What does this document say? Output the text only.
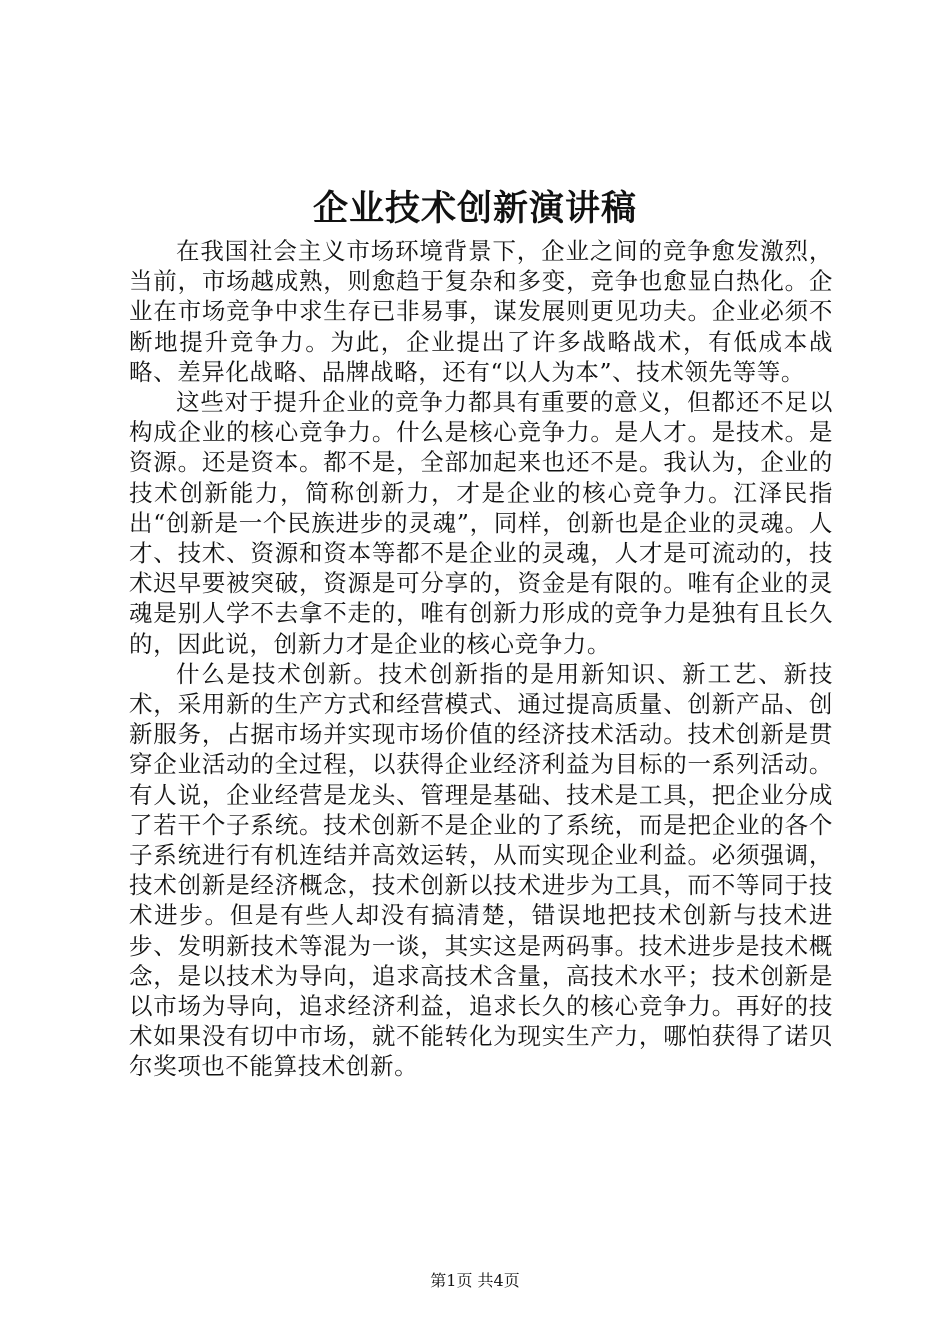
企业技术创新演讲稿

在我国社会主义市场环境背景下，企业之间的竞争愈发激烈，当前，市场越成熟，则愈趋于复杂和多变，竞争也愈显白热化。企业在市场竞争中求生存已非易事，谋发展则更见功夫。企业必须不断地提升竞争力。为此，企业提出了许多战略战术，有低成本战略、差异化战略、品牌战略，还有“以人为本”、技术领先等等。

这些对于提升企业的竞争力都具有重要的意义，但都还不足以构成企业的核心竞争力。什么是核心竞争力。是人才。是技术。是资源。还是资本。都不是，全部加起来也还不是。我认为，企业的技术创新能力，简称创新力，才是企业的核心竞争力。江泽民指出“创新是一个民族进步的灵魂”，同样，创新也是企业的灵魂。人才、技术、资源和资本等都不是企业的灵魂，人才是可流动的，技术迟早要被突破，资源是可分享的，资金是有限的。唯有企业的灵魂是别人学不去拿不走的，唯有创新力形成的竞争力是独有且长久的，因此说，创新力才是企业的核心竞争力。

什么是技术创新。技术创新指的是用新知识、新工艺、新技术，采用新的生产方式和经营模式、通过提高质量、创新产品、创新服务，占据市场并实现市场价值的经济技术活动。技术创新是贯穿企业活动的全过程，以获得企业经济利益为目标的一系列活动。有人说，企业经营是龙头、管理是基础、技术是工具，把企业分成了若干个子系统。技术创新不是企业的了系统，而是把企业的各个子系统进行有机连结并高效运转，从而实现企业利益。必须强调，技术创新是经济概念，技术创新以技术进步为工具，而不等同于技术进步。但是有些人却没有搞清楚，错误地把技术创新与技术进步、发明新技术等混为一谈，其实这是两码事。技术进步是技术概念，是以技术为导向，追求高技术含量，高技术水平；技术创新是以市场为导向，追求经济利益，追求长久的核心竞争力。再好的技术如果没有切中市场，就不能转化为现实生产力，哪怕获得了诺贝尔奖项也不能算技术创新。

第1页 共4页
